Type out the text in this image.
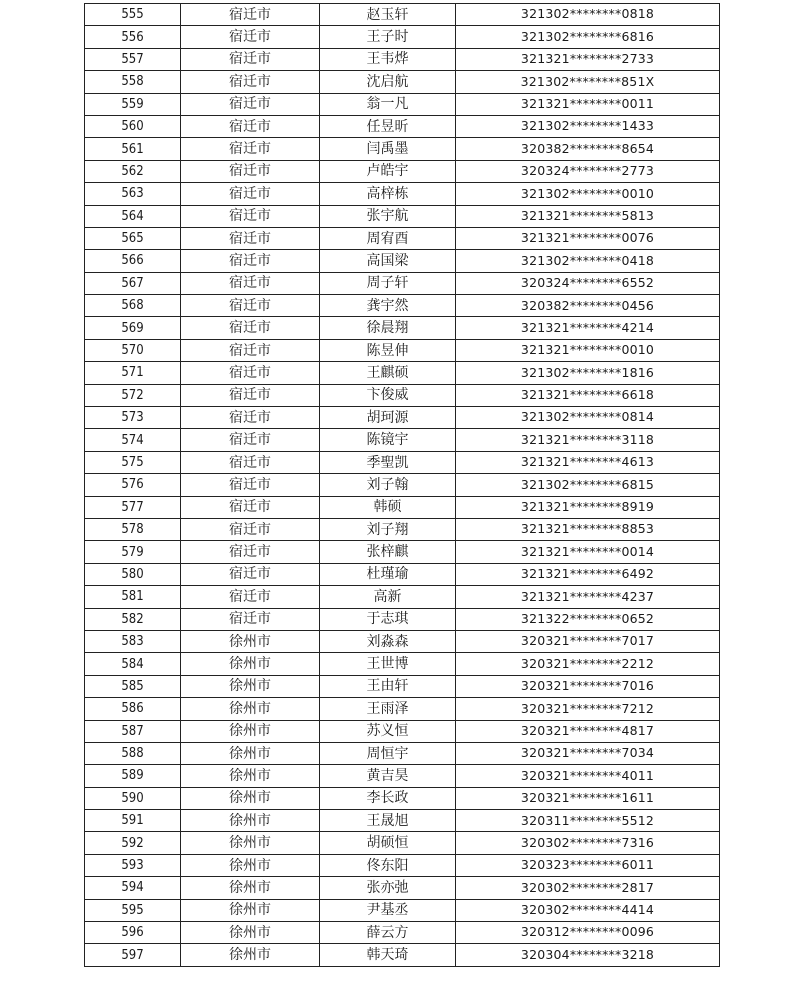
555	宿迁市	赵玉轩	321302********0818
556	宿迁市	王子时	321302********6816
557	宿迁市	王韦烨	321321********2733
558	宿迁市	沈启航	321302********851X
559	宿迁市	翁一凡	321321********0011
560	宿迁市	任昱昕	321302********1433
561	宿迁市	闫禹墨	320382********8654
562	宿迁市	卢皓宇	320324********2773
563	宿迁市	高梓栋	321302********0010
564	宿迁市	张宇航	321321********5813
565	宿迁市	周宥酉	321321********0076
566	宿迁市	高国梁	321302********0418
567	宿迁市	周子轩	320324********6552
568	宿迁市	龚宇然	320382********0456
569	宿迁市	徐晨翔	321321********4214
570	宿迁市	陈昱伸	321321********0010
571	宿迁市	王麒硕	321302********1816
572	宿迁市	卞俊威	321321********6618
573	宿迁市	胡珂源	321302********0814
574	宿迁市	陈镜宇	321321********3118
575	宿迁市	季聖凯	321321********4613
576	宿迁市	刘子翰	321302********6815
577	宿迁市	韩硕	321321********8919
578	宿迁市	刘子翔	321321********8853
579	宿迁市	张梓麒	321321********0014
580	宿迁市	杜瑾瑜	321321********6492
581	宿迁市	高新	321321********4237
582	宿迁市	于志琪	321322********0652
583	徐州市	刘淼森	320321********7017
584	徐州市	王世博	320321********2212
585	徐州市	王由轩	320321********7016
586	徐州市	王雨泽	320321********7212
587	徐州市	苏义恒	320321********4817
588	徐州市	周恒宇	320321********7034
589	徐州市	黄吉昊	320321********4011
590	徐州市	李长政	320321********1611
591	徐州市	王晟旭	320311********5512
592	徐州市	胡硕恒	320302********7316
593	徐州市	佟东阳	320323********6011
594	徐州市	张亦弛	320302********2817
595	徐州市	尹基丞	320302********4414
596	徐州市	薛云方	320312********0096
597	徐州市	韩天琦	320304********3218
